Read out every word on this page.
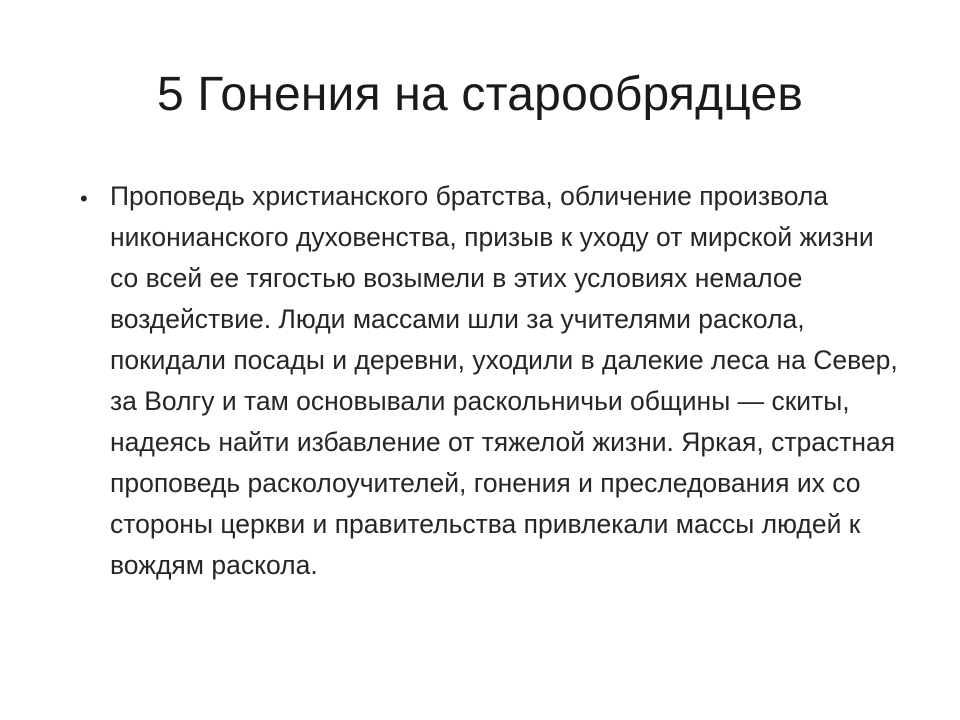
5 Гонения на старообрядцев
• Проповедь христианского братства, обличение произвола никонианского духовенства, призыв к уходу от мирской жизни со всей ее тягостью возымели в этих условиях немалое воздействие. Люди массами шли за учителями раскола, покидали посады и деревни, уходили в далекие леса на Север, за Волгу и там основывали раскольничьи общины — скиты, надеясь найти избавление от тяжелой жизни. Яркая, страстная проповедь расколоучителей, гонения и преследования их со стороны церкви и правительства привлекали массы людей к вождям раскола.
